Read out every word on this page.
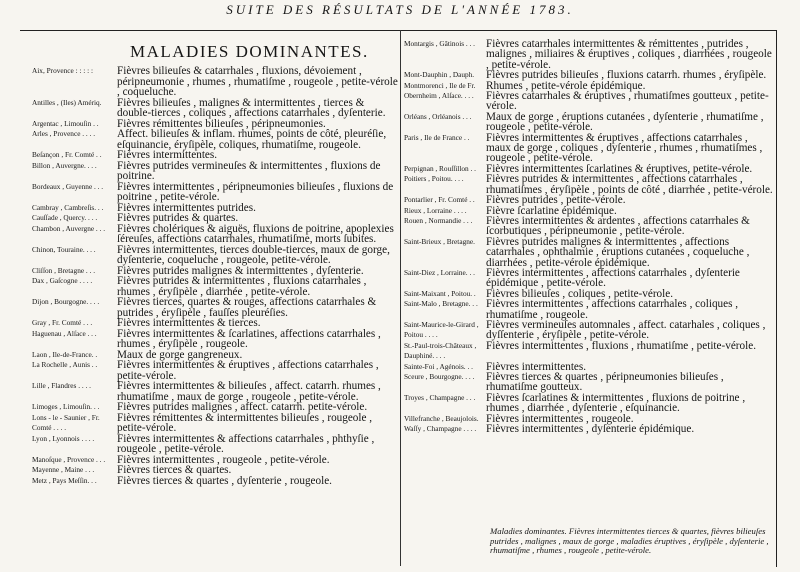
SUITE DES RÉSULTATS DE L'ANNÉE 1783.
MALADIES DOMINANTES.
Aix, Provence : : : : :	Fièvres bilieuſes & catarrhales , fluxions, dévoiement , péripneumonie , rhumes , rhumatiſme , rougeole , petite-vérole , coqueluche.
Antilles , (Iles) Amériq.	Fièvres bilieuſes , malignes & intermittentes , tierces & double-tierces , coliques , affections catarrhales , dyſenterie.
Argentac , Limouſin . .	Fièvres rémittentes bilieuſes , péripneumonies.
Arles , Provence . . . .	Affect. bilieuſes & inflam. rhumes, points de côté, pleuréſie, eſquinancie, éryſipèle, coliques, rhumatiſme, rougeole.
Beſançon , Fr. Comté . .	Fièvres intermittentes.
Billon , Auvergne. . . .	Fièvres putrides vermineuſes & intermittentes , fluxions de poitrine.
Bordeaux , Guyenne . . .	Fièvres intermittentes , péripneumonies bilieuſes , fluxions de poitrine , petite-vérole.
Cambray , Cambreſis. . .	Fièvres intermittentes putrides.
Cauſſade , Quercy. . . .	Fièvres putrides & quartes.
Chambon , Auvergne . . .	Fièvres cholériques & aiguës, fluxions de poitrine, apoplexies ſéreuſes, affections catarrhales, rhumatiſme, morts ſubites.
Chinon, Touraine. . . .	Fièvres intermittentes, tierces double-tierces, maux de gorge, dyſenterie, coqueluche , rougeole, petite-vérole.
Cliſſon , Bretagne . . .	Fièvres putrides malignes & intermittentes , dyſenterie.
Dax , Gaſcogne . . . .	Fièvres putrides & intermittentes , fluxions catarrhales , rhumes , éryſipèle , diarrhée , petite-vérole.
Dijon , Bourgogne. . . .	Fièvres tierces, quartes & rouges, affections catarrhales & putrides , éryſipèle , fauſſes pleuréſies.
Gray , Fr. Comté . . .	Fièvres intermittentes & tierces.
Haguenau , Alſace . . .	Fièvres intermittentes & ſcarlatines, affections catarrhales , rhumes , éryſipèle , rougeole.
Laon , Ile-de-France. .	Maux de gorge gangreneux.
La Rochelle , Aunis . .	Fièvres intermittentes & éruptives , affections catarrhales , petite-vérole.
Lille , Flandres . . . .	Fièvres intermittentes & bilieuſes , affect. catarrh. rhumes , rhumatiſme , maux de gorge , rougeole , petite-vérole.
Limoges , Limouſin. . .	Fièvres putrides malignes , affect. catarrh. petite-vérole.
Lons - le - Saunier , Fr. Comté . . . .
Fièvres rémittentes & intermittentes bilieuſes , rougeole , petite-vérole.
Lyon , Lyonnois . . . .	Fièvres intermittentes & affections catarrhales , phthyſie , rougeole , petite-vérole.
Manoſque , Provence . . .	Fièvres intermittentes , rougeole , petite-vérole.
Mayenne , Maine . . .	Fièvres tierces & quartes.
Metz , Pays Meſſin. . .	Fièvres tierces & quartes , dyſenterie , rougeole.
Montargis , Gâtinois . . . Fièvres catarrhales intermittentes & rémittentes , putrides , malignes , miliaires & éruptives , coliques , diarrhées , rougeole , petite-vérole.
Mont-Dauphin , Dauph.	Fièvres putrides bilieuſes , fluxions catarrh. rhumes , éryſipèle.
Montmorenci , Ile de Fr. Rhumes , petite-vérole épidémique.
Obernheim , Alſace. . . .	Fièvres catarrhales & éruptives , rhumatiſmes goutteux , petite-vérole.
Orléans , Orléanois . . .	Maux de gorge , éruptions cutanées , dyſenterie , rhumatiſme , rougeole , petite-vérole.
Paris , Ile de France . .	Fièvres intermittentes & éruptives , affections catarrhales , maux de gorge , coliques , dyſenterie , rhumes , rhumatiſmes , rougeole , petite-vérole.
Perpignan , Rouſſillon . . Fièvres intermittentes ſcarlatines & éruptives, petite-vérole.
Poitiers , Poitou. . . .	Fièvres putrides & intermittentes , affections catarrhales , rhumatiſmes , éryſipèle , points de côté , diarrhée , petite-vérole.
Pontarlier , Fr. Comté . .	Fièvres putrides , petite-vérole.
Rieux , Lorraine . . . .	Fièvre ſcarlatine épidémique.
Rouen , Normandie . . .	Fièvres intermittentes & ardentes , affections catarrhales & ſcorbutiques , péripneumonie , petite-vérole.
Saint-Brieux , Bretagne. Fièvres putrides malignes & intermittentes , affections catarrhales , ophthalmie , éruptions cutanées , coqueluche , diarrhées , petite-vérole épidémique.
Saint-Diez , Lorraine. . . Fièvres intermittentes , affections catarrhales , dyſenterie épidémique , petite-vérole.
Saint-Maixant , Poitou. . Fièvres bilieuſes , coliques , petite-vérole.
Saint-Malo , Bretagne. . . Fièvres intermittentes , affections catarrhales , coliques , rhumatiſme , rougeole.
Saint-Maurice-le-Girard , Poitou . . . .
Fièvres vermineuſes automnales , affect. catarhales , coliques , dyſſenterie , éryſipèle , petite-vérole.
St.-Paul-trois-Châteaux , Dauphiné. . . .
Fièvres intermittentes , fluxions , rhumatiſme , petite-vérole.
Sainte-Foi , Agénois. . .	Fièvres intermittentes.
Sceure , Bourgogne. . . .	Fièvres tierces & quartes , péripneumonies bilieuſes , rhumatiſme goutteux.
Troyes , Champagne . . . Fièvres ſcarlatines & intermittentes , fluxions de poitrine , rhumes , diarrhée , dyſenterie , eſquinancie.
Villefranche , Beaujolois. Fièvres intermittentes , rougeole.
Waſſy , Champagne . . . . Fièvres intermittentes , dyſenterie épidémique.
Maladies dominantes. Fièvres intermittentes tierces & quartes, fièvres bilieuſes putrides , malignes , maux de gorge , maladies éruptives , éryſipèle , dyſenterie , rhumatiſme , rhumes , rougeole , petite-vérole.
